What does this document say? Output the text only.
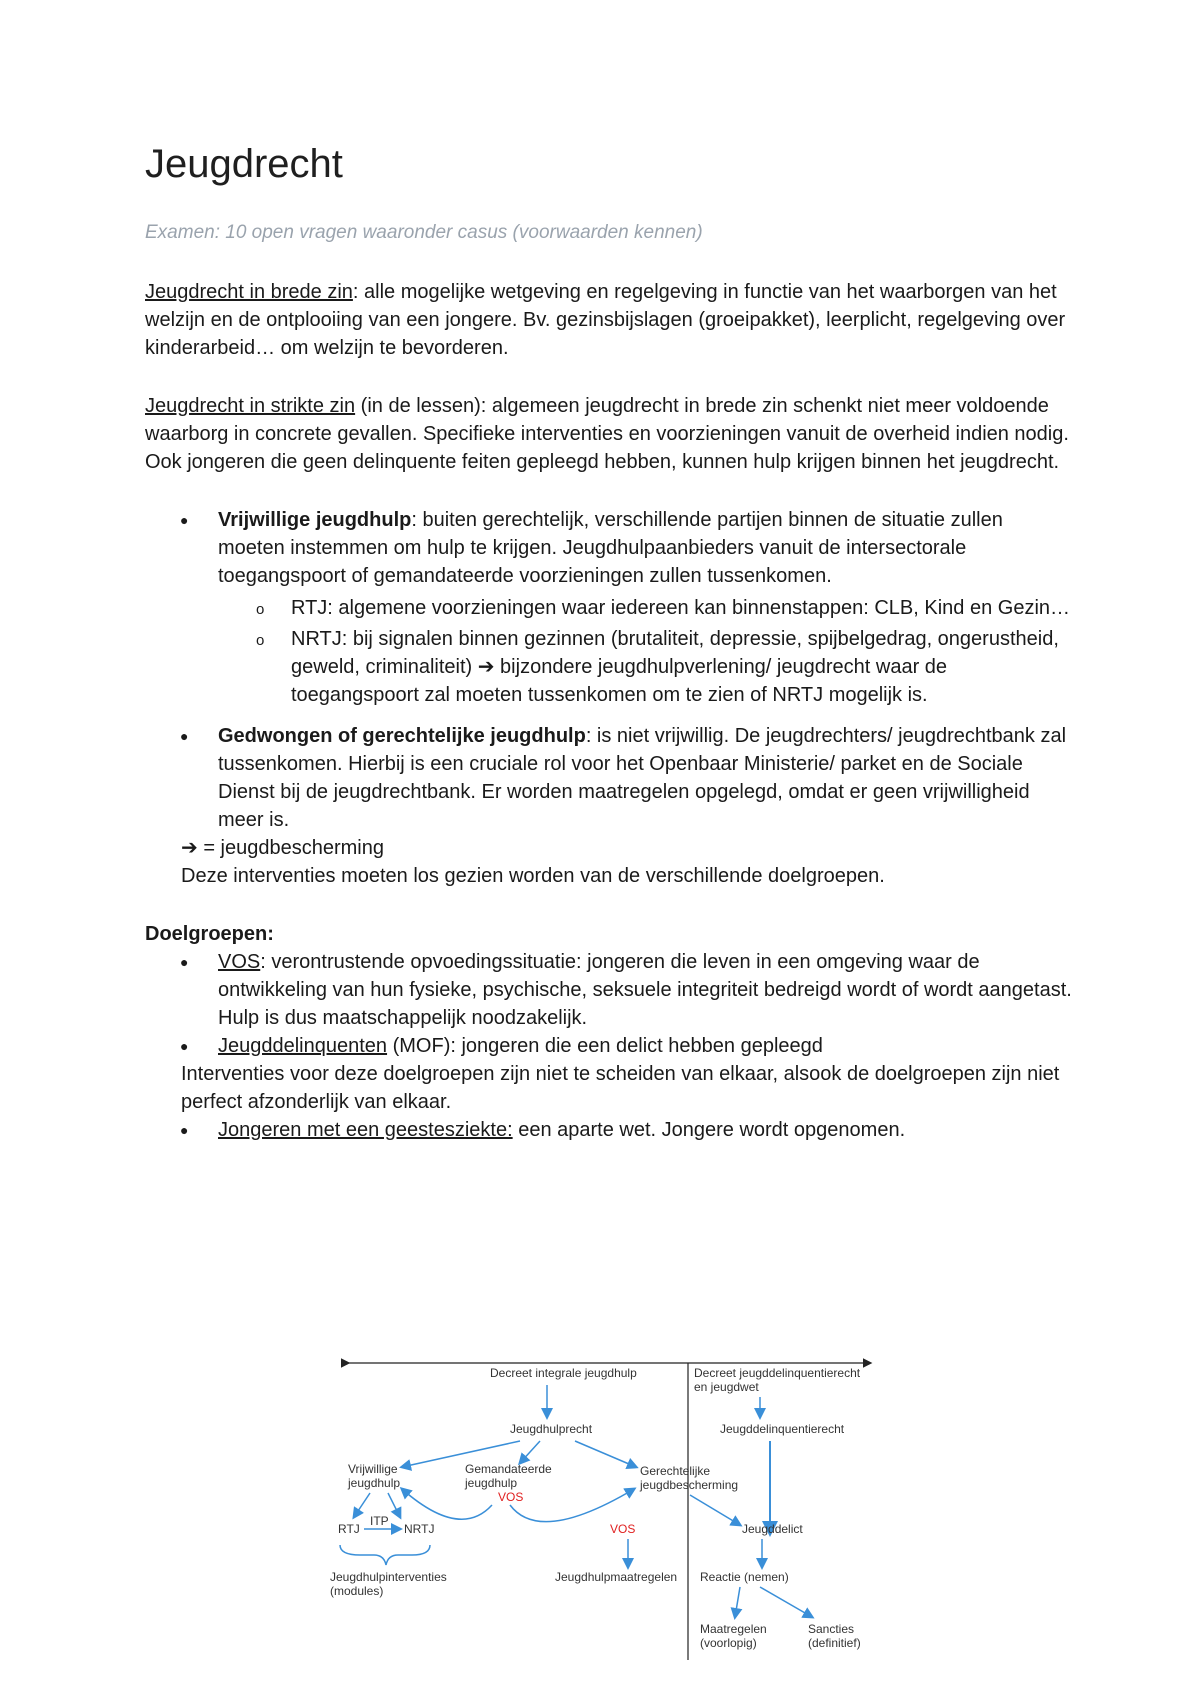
Jeugdrecht
Examen: 10 open vragen waaronder casus (voorwaarden kennen)

Jeugdrecht in brede zin: alle mogelijke wetgeving en regelgeving in functie van het waarborgen van het welzijn en de ontplooiing van een jongere. Bv. gezinsbijslagen (groeipakket), leerplicht, regelgeving over kinderarbeid… om welzijn te bevorderen.

Jeugdrecht in strikte zin (in de lessen): algemeen jeugdrecht in brede zin schenkt niet meer voldoende waarborg in concrete gevallen. Specifieke interventies en voorzieningen vanuit de overheid indien nodig.

Ook jongeren die geen delinquente feiten gepleegd hebben, kunnen hulp krijgen binnen het jeugdrecht.

● Vrijwillige jeugdhulp: buiten gerechtelijk, verschillende partijen binnen de situatie zullen moeten instemmen om hulp te krijgen. Jeugdhulpaanbieders vanuit de intersectorale toegangspoort of gemandateerde voorzieningen zullen tussenkomen.
o RTJ: algemene voorzieningen waar iedereen kan binnenstappen: CLB, Kind en Gezin…
o NRTJ: bij signalen binnen gezinnen (brutaliteit, depressie, spijbelgedrag, ongerustheid, geweld, criminaliteit) ➔ bijzondere jeugdhulpverlening/ jeugdrecht waar de toegangspoort zal moeten tussenkomen om te zien of NRTJ mogelijk is.
● Gedwongen of gerechtelijke jeugdhulp: is niet vrijwillig. De jeugdrechters/ jeugdrechtbank zal tussenkomen. Hierbij is een cruciale rol voor het Openbaar Ministerie/ parket en de Sociale Dienst bij de jeugdrechtbank. Er worden maatregelen opgelegd, omdat er geen vrijwilligheid meer is.
➔ = jeugdbescherming
Deze interventies moeten los gezien worden van de verschillende doelgroepen.

Doelgroepen:

● VOS: verontrustende opvoedingssituatie: jongeren die leven in een omgeving waar de ontwikkeling van hun fysieke, psychische, seksuele integriteit bedreigd wordt of wordt aangetast. Hulp is dus maatschappelijk noodzakelijk.
● Jeugddelinquenten (MOF): jongeren die een delict hebben gepleegd
Interventies voor deze doelgroepen zijn niet te scheiden van elkaar, alsook de doelgroepen zijn niet perfect afzonderlijk van elkaar.
● Jongeren met een geestesziekte: een aparte wet. Jongere wordt opgenomen.
Decreet integrale jeugdhulp	Decreet jeugddelinquentierecht
en jeugdwet
Jeugdhulprecht	Jeugddelinquentierecht
Vrijwillige
jeugdhulp
Gemandateerde
jeugdhulp
VOS
Gerechtelijke
jeugdbescherming
RTJ
ITP
NRTJ	VOS	Jeugddelict
Jeugdhulpinterventies
(modules)
Jeugdhulpmaatregelen Reactie (nemen)
Maatregelen
(voorlopig)
Sancties
(definitief)
